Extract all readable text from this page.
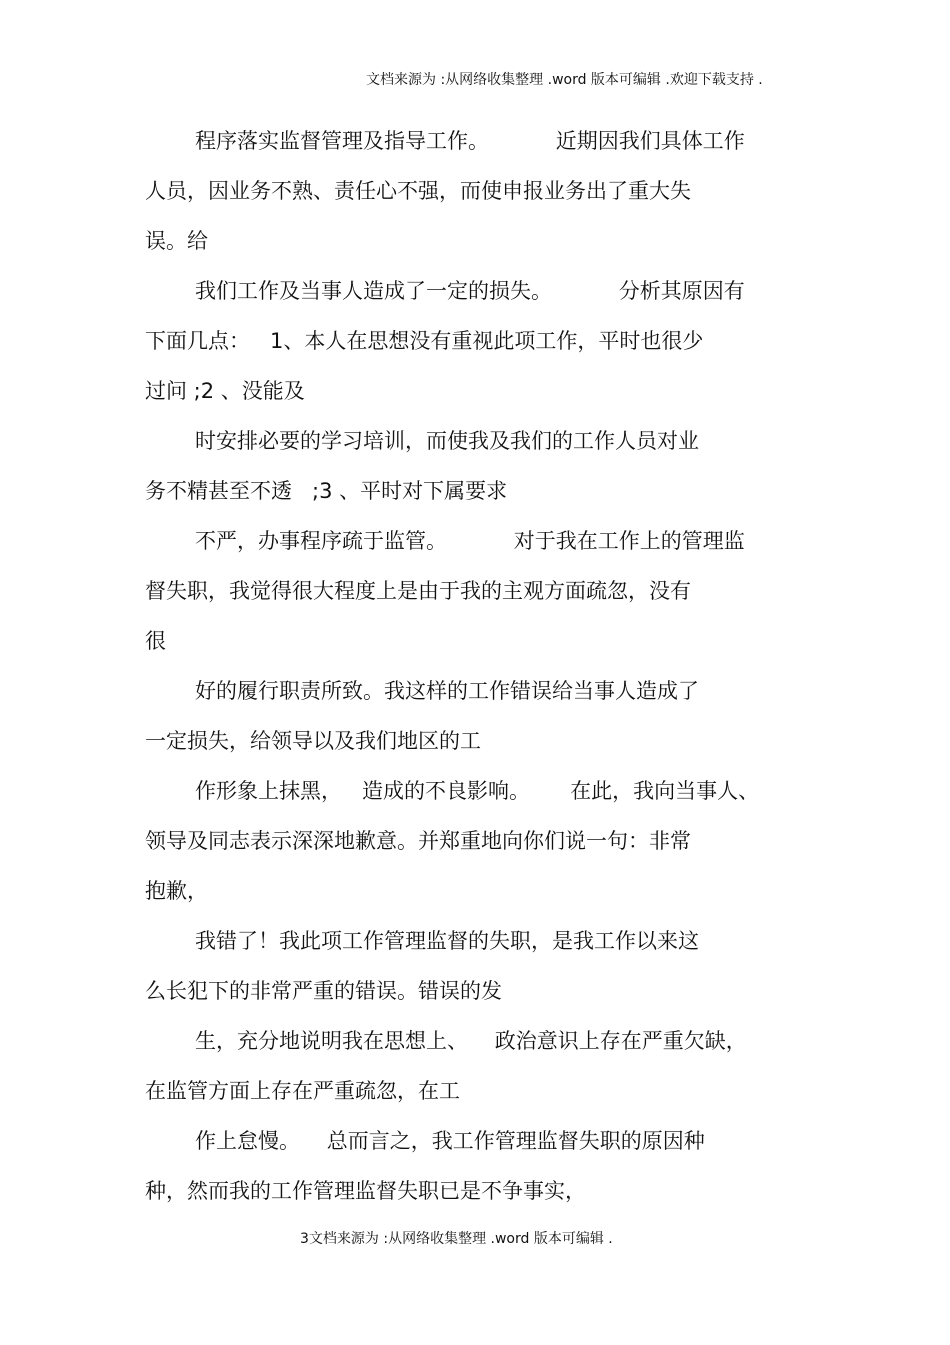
文档来源为 :从网络收集整理 .word 版本可编辑 .欢迎下载支持 .
程序落实监督管理及指导工作。          近期因我们具体工作
人员，因业务不熟、责任心不强，而使申报业务出了重大失
误。给
我们工作及当事人造成了一定的损失。          分析其原因有
下面几点：   1、本人在思想没有重视此项工作，平时也很少
过问 ;2 、没能及
时安排必要的学习培训，而使我及我们的工作人员对业
务不精甚至不透   ;3 、平时对下属要求
不严，办事程序疏于监管。          对于我在工作上的管理监
督失职，我觉得很大程度上是由于我的主观方面疏忽，没有
很
好的履行职责所致。我这样的工作错误给当事人造成了
一定损失，给领导以及我们地区的工
作形象上抹黑，   造成的不良影响。      在此，我向当事人、
领导及同志表示深深地歉意。并郑重地向你们说一句：非常
抱歉，
我错了！我此项工作管理监督的失职，是我工作以来这
么长犯下的非常严重的错误。错误的发
生，充分地说明我在思想上、    政治意识上存在严重欠缺，
在监管方面上存在严重疏忽，在工
作上怠慢。    总而言之，我工作管理监督失职的原因种
种，然而我的工作管理监督失职已是不争事实，
3文档来源为 :从网络收集整理 .word 版本可编辑 .
